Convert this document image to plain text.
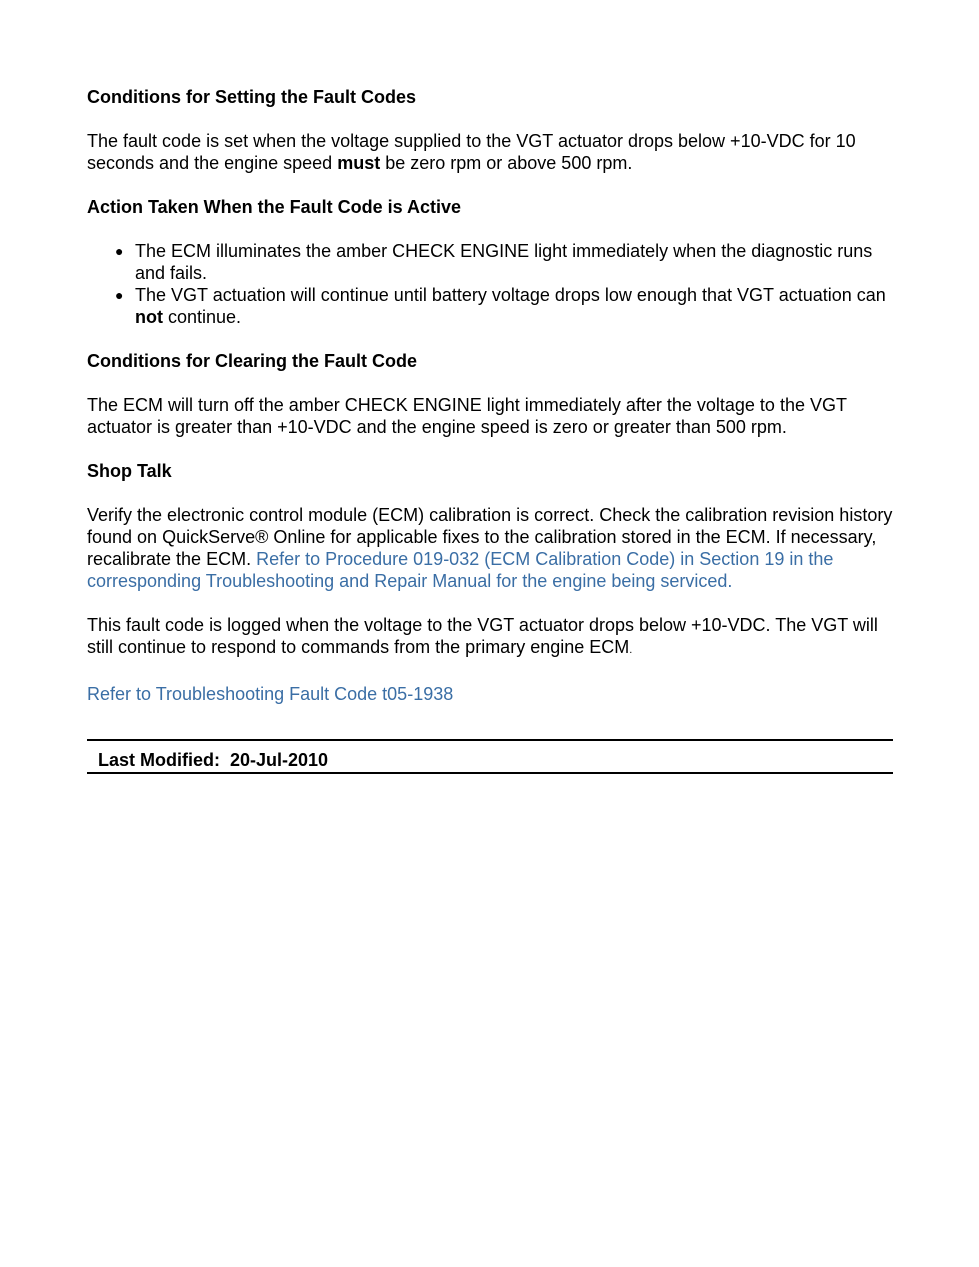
Conditions for Setting the Fault Codes

The fault code is set when the voltage supplied to the VGT actuator drops below +10-VDC for 10 seconds and the engine speed must be zero rpm or above 500 rpm.

Action Taken When the Fault Code is Active

● The ECM illuminates the amber CHECK ENGINE light immediately when the diagnostic runs and fails.
● The VGT actuation will continue until battery voltage drops low enough that VGT actuation can not continue.

Conditions for Clearing the Fault Code

The ECM will turn off the amber CHECK ENGINE light immediately after the voltage to the VGT actuator is greater than +10-VDC and the engine speed is zero or greater than 500 rpm.

Shop Talk

Verify the electronic control module (ECM) calibration is correct. Check the calibration revision history found on QuickServe® Online for applicable fixes to the calibration stored in the ECM. If necessary, recalibrate the ECM. Refer to Procedure 019-032 (ECM Calibration Code) in Section 19 in the corresponding Troubleshooting and Repair Manual for the engine being serviced.

This fault code is logged when the voltage to the VGT actuator drops below +10-VDC. The VGT will still continue to respond to commands from the primary engine ECM.

Refer to Troubleshooting Fault Code t05-1938

Last Modified:  20-Jul-2010
